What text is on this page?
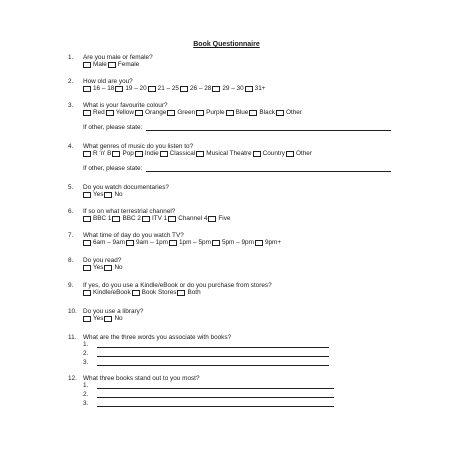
Book Questionnaire
1. Are you male or female?
Male Female
2. How old are you?
16 – 18 19 – 20 21 – 25 26 – 28 29 – 30 31+
3. What is your favourite colour?
Red Yellow Orange Green Purple Blue Black Other
If other, please state:
4. What genres of music do you listen to?
R 'n' B Pop Indie Classical Musical Theatre Country Other
If other, please state:
5. Do you watch documentaries?
Yes No
6. If so on what terrestrial channel?
BBC 1 BBC 2 ITV 1 Channel 4 Five
7. What time of day do you watch TV?
6am – 9am 9am – 1pm 1pm – 5pm 5pm – 9pm 9pm+
8. Do you read?
Yes No
9. If yes, do you use a Kindle/eBook or do you purchase from stores?
Kindle/eBook Book Stores Both
10. Do you use a library?
Yes No
11. What are the three words you associate with books?
1.
2.
3.
12. What three books stand out to you most?
1.
2.
3.
